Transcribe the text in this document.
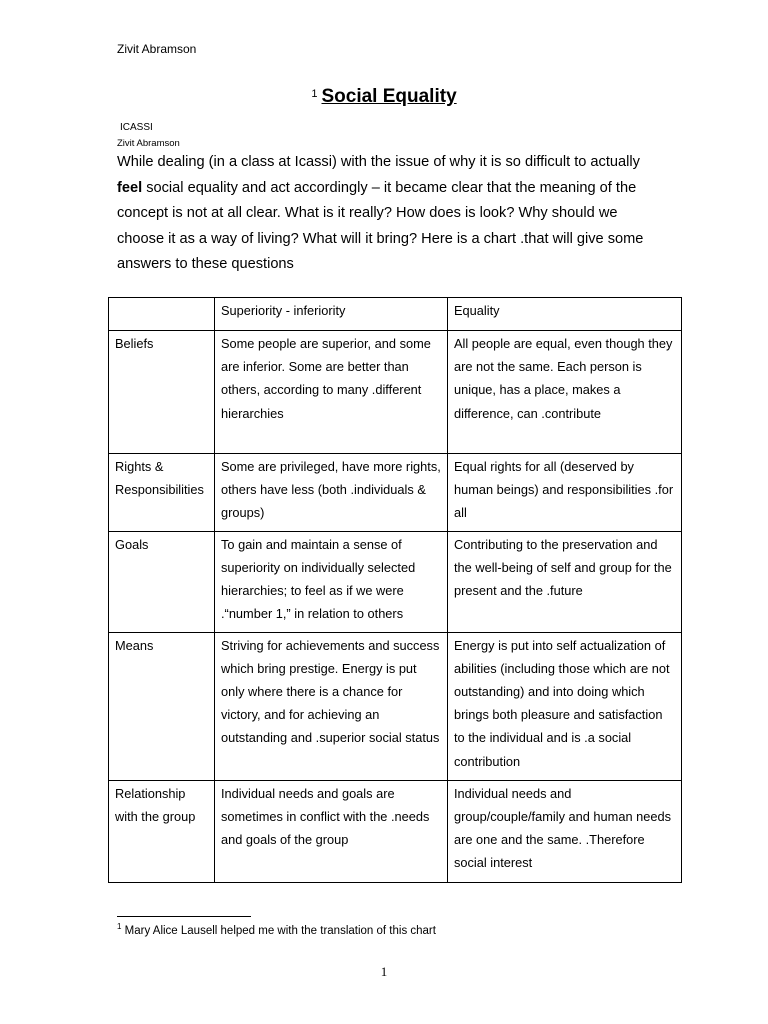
Zivit Abramson
$^1$ Social Equality
ICASSI
Zivit Abramson
While dealing (in a class at Icassi) with the issue of why it is so difficult to actually feel social equality and act accordingly – it became clear that the meaning of the concept is not at all clear. What is it really? How does is look? Why should we choose it as a way of living? What will it bring? Here is a chart .that will give some answers to these questions
	Superiority - inferiority	Equality
Beliefs	Some people are superior, and some are inferior. Some are better than others, according to many .different hierarchies	All people are equal, even though they are not the same. Each person is unique, has a place, makes a difference, can .contribute
Rights & Responsibilities	Some are privileged, have more rights, others have less (both .individuals & groups)	Equal rights for all (deserved by human beings) and responsibilities .for all
Goals	To gain and maintain a sense of superiority on individually selected hierarchies; to feel as if we were .“number 1,” in relation to others	Contributing to the preservation and the well-being of self and group for the present and the .future
Means	Striving for achievements and success which bring prestige. Energy is put only where there is a chance for victory, and for achieving an outstanding and .superior social status	Energy is put into self actualization of abilities (including those which are not outstanding) and into doing which brings both pleasure and satisfaction to the individual and is .a social contribution
Relationship with the group	Individual needs and goals are sometimes in conflict with the .needs and goals of the group	Individual needs and group/couple/family and human needs are one and the same. .Therefore social interest
$^1$ Mary Alice Lausell helped me with the translation of this chart
1
